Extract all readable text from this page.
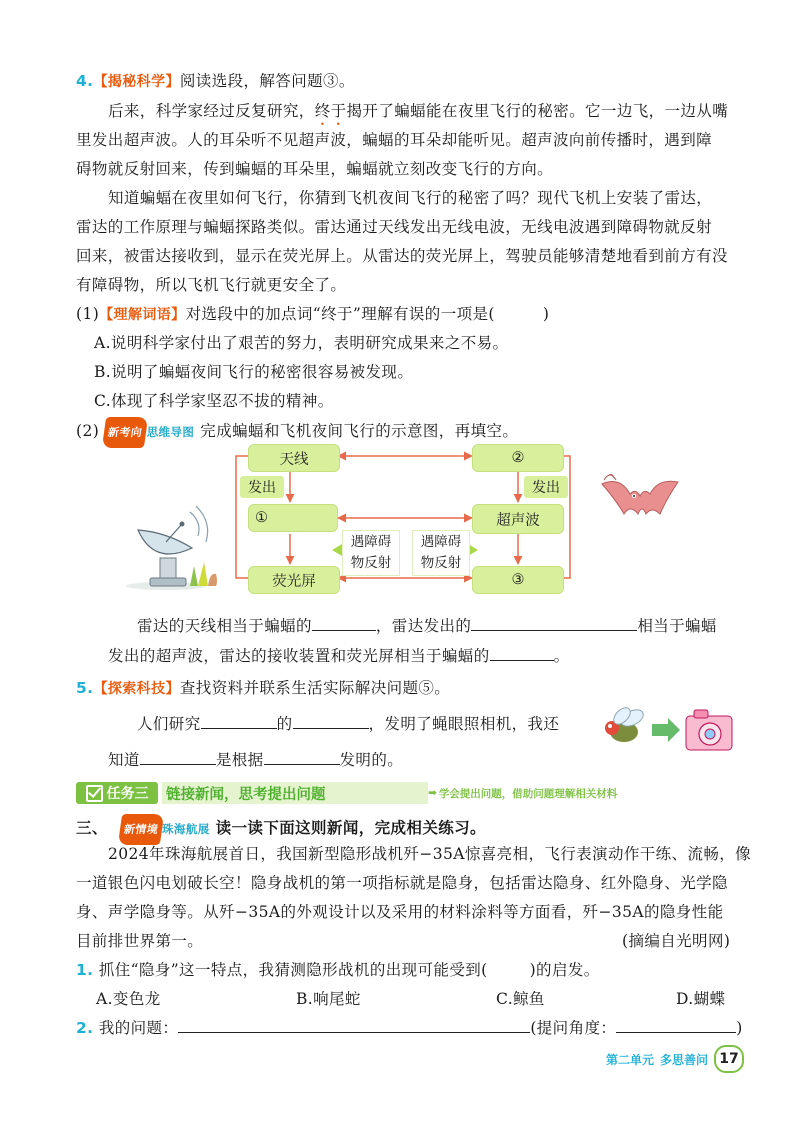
4.【揭秘科学】阅读选段，解答问题③。
后来，科学家经过反复研究，终于揭开了蝙蝠能在夜里飞行的秘密。它一边飞，一边从嘴
里发出超声波。人的耳朵听不见超声波，蝙蝠的耳朵却能听见。超声波向前传播时，遇到障
碍物就反射回来，传到蝙蝠的耳朵里，蝙蝠就立刻改变飞行的方向。
知道蝙蝠在夜里如何飞行，你猜到飞机夜间飞行的秘密了吗？现代飞机上安装了雷达，
雷达的工作原理与蝙蝠探路类似。雷达通过天线发出无线电波，无线电波遇到障碍物就反射
回来，被雷达接收到，显示在荧光屏上。从雷达的荧光屏上，驾驶员能够清楚地看到前方有没
有障碍物，所以飞机飞行就更安全了。
(1)【理解词语】对选段中的加点词“终于”理解有误的一项是(	)
A.说明科学家付出了艰苦的努力，表明研究成果来之不易。
B.说明了蝙蝠夜间飞行的秘密很容易被发现。
C.体现了科学家坚忍不拔的精神。
(2) 新考向 思维导图 完成蝙蝠和飞机夜间飞行的示意图，再填空。
天线	②
①	超声波
荧光屏	③
发出	发出
遇障碍
物反射
遇障碍
物反射
雷达的天线相当于蝙蝠的	，雷达发出的	相当于蝙蝠
发出的超声波，雷达的接收装置和荧光屏相当于蝙蝠的	。
5.【探索科技】查找资料并联系生活实际解决问题⑤。
人们研究	的	，发明了蝇眼照相机，我还
知道	是根据	发明的。
任务三 链接新闻，思考提出问题	➡ 学会提出问题，借助问题理解相关材料
三、 新情境 珠海航展 读一读下面这则新闻，完成相关练习。
2024年珠海航展首日，我国新型隐形战机歼−35A惊喜亮相，飞行表演动作干练、流畅，像
一道银色闪电划破长空！隐身战机的第一项指标就是隐身，包括雷达隐身、红外隐身、光学隐
身、声学隐身等。从歼−35A的外观设计以及采用的材料涂料等方面看，歼−35A的隐身性能
目前排世界第一。	(摘编自光明网)
1. 抓住“隐身”这一特点，我猜测隐形战机的出现可能受到(	)的启发。
A.变色龙	B.响尾蛇	C.鲸鱼	D.蝴蝶
2. 我的问题：	(提问角度：	)
第二单元 多思善问 17
